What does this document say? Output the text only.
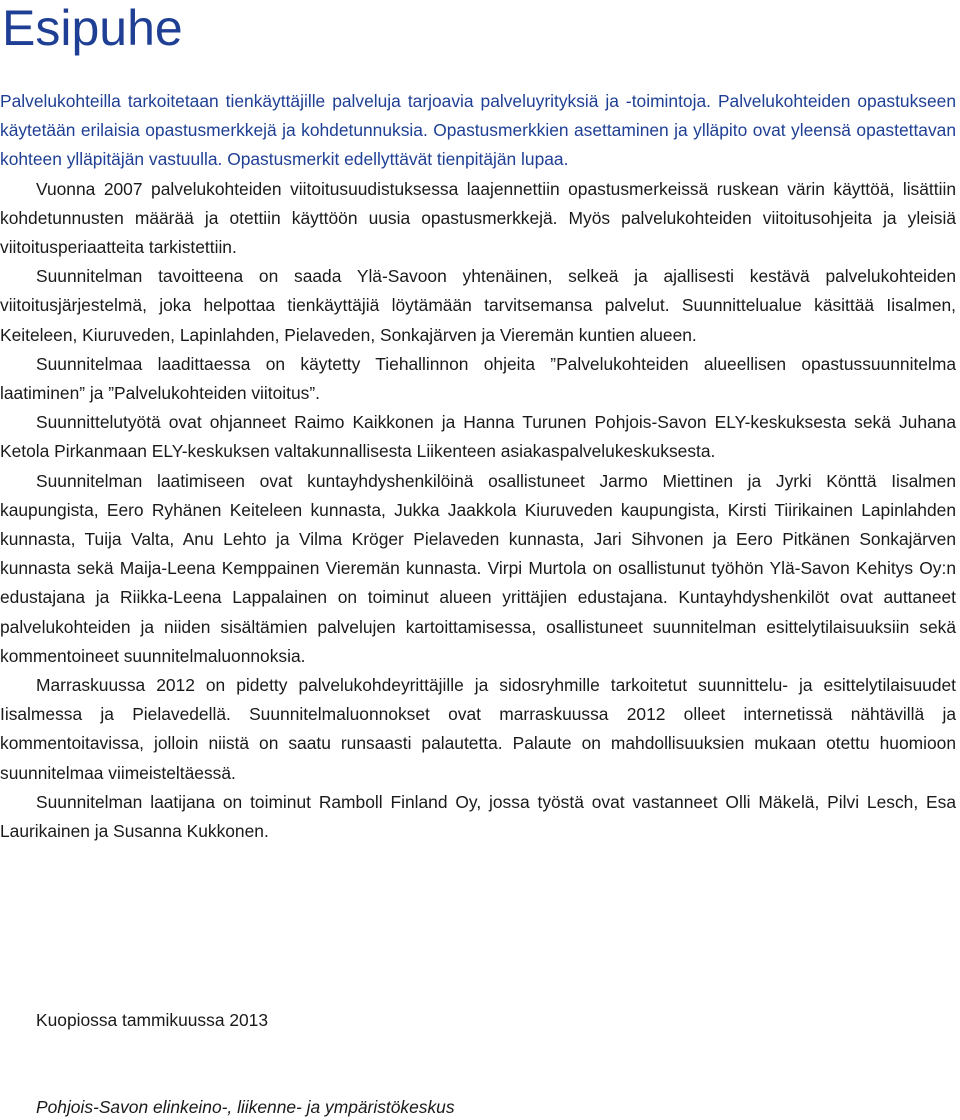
Esipuhe

Palvelukohteilla tarkoitetaan tienkäyttäjille palveluja tarjoavia palveluyrityksiä ja -toimintoja. Palvelukohteiden opastukseen käytetään erilaisia opastusmerkkejä ja kohdetunnuksia. Opastusmerkkien asettaminen ja ylläpito ovat yleensä opastettavan kohteen ylläpitäjän vastuulla. Opastusmerkit edellyttävät tienpitäjän lupaa.

Vuonna 2007 palvelukohteiden viitoitusuudistuksessa laajennettiin opastusmerkeissä ruskean värin käyttöä, lisättiin kohdetunnusten määrää ja otettiin käyttöön uusia opastusmerkkejä. Myös palvelukohteiden viitoitusohjeita ja yleisiä viitoitusperiaatteita tarkistettiin.

Suunnitelman tavoitteena on saada Ylä-Savoon yhtenäinen, selkeä ja ajallisesti kestävä palvelukohteiden viitoitusjärjestelmä, joka helpottaa tienkäyttäjiä löytämään tarvitsemansa palvelut. Suunnittelualue käsittää Iisalmen, Keiteleen, Kiuruveden, Lapinlahden, Pielaveden, Sonkajärven ja Vieremän kuntien alueen.

Suunnitelmaa laadittaessa on käytetty Tiehallinnon ohjeita ”Palvelukohteiden alueellisen opastussuunnitelma laatiminen” ja ”Palvelukohteiden viitoitus”.

Suunnittelutyötä ovat ohjanneet Raimo Kaikkonen ja Hanna Turunen Pohjois-Savon ELY-keskuksesta sekä Juhana Ketola Pirkanmaan ELY-keskuksen valtakunnallisesta Liikenteen asiakaspalvelukeskuksesta.

Suunnitelman laatimiseen ovat kuntayhdyshenkilöinä osallistuneet Jarmo Miettinen ja Jyrki Könttä Iisalmen kaupungista, Eero Ryhänen Keiteleen kunnasta, Jukka Jaakkola Kiuruveden kaupungista, Kirsti Tiirikainen Lapinlahden kunnasta, Tuija Valta, Anu Lehto ja Vilma Kröger Pielaveden kunnasta, Jari Sihvonen ja Eero Pitkänen Sonkajärven kunnasta sekä Maija-Leena Kemppainen Vieremän kunnasta. Virpi Murtola on osallistunut työhön Ylä-Savon Kehitys Oy:n edustajana ja Riikka-Leena Lappalainen on toiminut alueen yrittäjien edustajana. Kuntayhdyshenkilöt ovat auttaneet palvelukohteiden ja niiden sisältämien palvelujen kartoittamisessa, osallistuneet suunnitelman esittelytilaisuuksiin sekä kommentoineet suunnitelmaluonnoksia.

Marraskuussa 2012 on pidetty palvelukohdeyrittäjille ja sidosryhmille tarkoitetut suunnittelu- ja esittelytilaisuudet Iisalmessa ja Pielavedellä. Suunnitelmaluonnokset ovat marraskuussa 2012 olleet internetissä nähtävillä ja kommentoitavissa, jolloin niistä on saatu runsaasti palautetta. Palaute on mahdollisuuksien mukaan otettu huomioon suunnitelmaa viimeisteltäessä.

Suunnitelman laatijana on toiminut Ramboll Finland Oy, jossa työstä ovat vastanneet Olli Mäkelä, Pilvi Lesch, Esa Laurikainen ja Susanna Kukkonen.

Kuopiossa tammikuussa 2013

Pohjois-Savon elinkeino-, liikenne- ja ympäristökeskus
